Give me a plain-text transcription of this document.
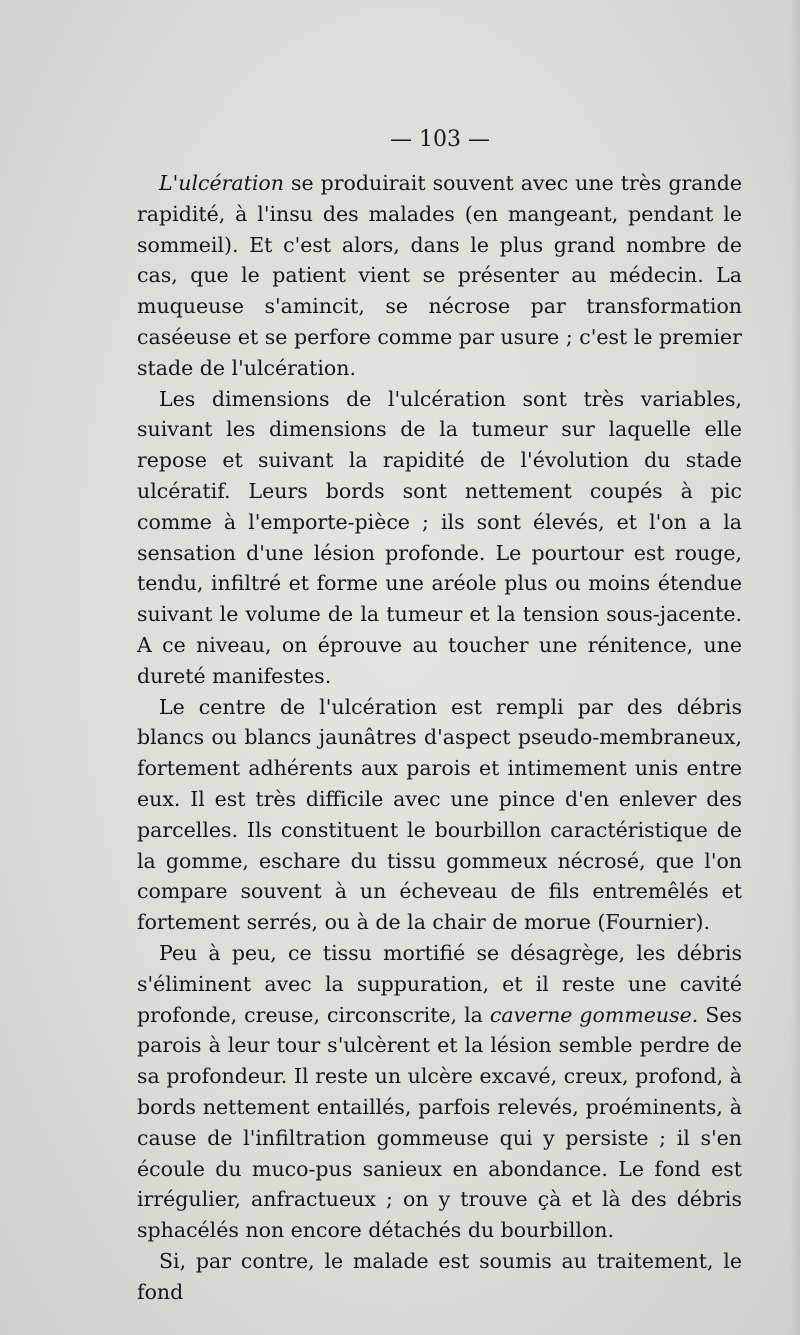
— 103 —

L'ulcération se produirait souvent avec une très grande rapidité, à l'insu des malades (en mangeant, pendant le sommeil). Et c'est alors, dans le plus grand nombre de cas, que le patient vient se présenter au médecin. La muqueuse s'amincit, se nécrose par transformation caséeuse et se perfore comme par usure ; c'est le premier stade de l'ulcération.

Les dimensions de l'ulcération sont très variables, suivant les dimensions de la tumeur sur laquelle elle repose et suivant la rapidité de l'évolution du stade ulcératif. Leurs bords sont nettement coupés à pic comme à l'emporte-pièce ; ils sont élevés, et l'on a la sensation d'une lésion profonde. Le pourtour est rouge, tendu, infiltré et forme une aréole plus ou moins étendue suivant le volume de la tumeur et la tension sous-jacente. A ce niveau, on éprouve au toucher une rénitence, une dureté manifestes.

Le centre de l'ulcération est rempli par des débris blancs ou blancs jaunâtres d'aspect pseudo-membraneux, fortement adhérents aux parois et intimement unis entre eux. Il est très difficile avec une pince d'en enlever des parcelles. Ils constituent le bourbillon caractéristique de la gomme, eschare du tissu gommeux nécrosé, que l'on compare souvent à un écheveau de fils entremêlés et fortement serrés, ou à de la chair de morue (Fournier).

Peu à peu, ce tissu mortifié se désagrège, les débris s'éliminent avec la suppuration, et il reste une cavité profonde, creuse, circonscrite, la caverne gommeuse. Ses parois à leur tour s'ulcèrent et la lésion semble perdre de sa profondeur. Il reste un ulcère excavé, creux, profond, à bords nettement entaillés, parfois relevés, proéminents, à cause de l'infiltration gommeuse qui y persiste ; il s'en écoule du muco-pus sanieux en abondance. Le fond est irrégulier, anfractueux ; on y trouve çà et là des débris sphacélés non encore détachés du bourbillon.

Si, par contre, le malade est soumis au traitement, le fond
